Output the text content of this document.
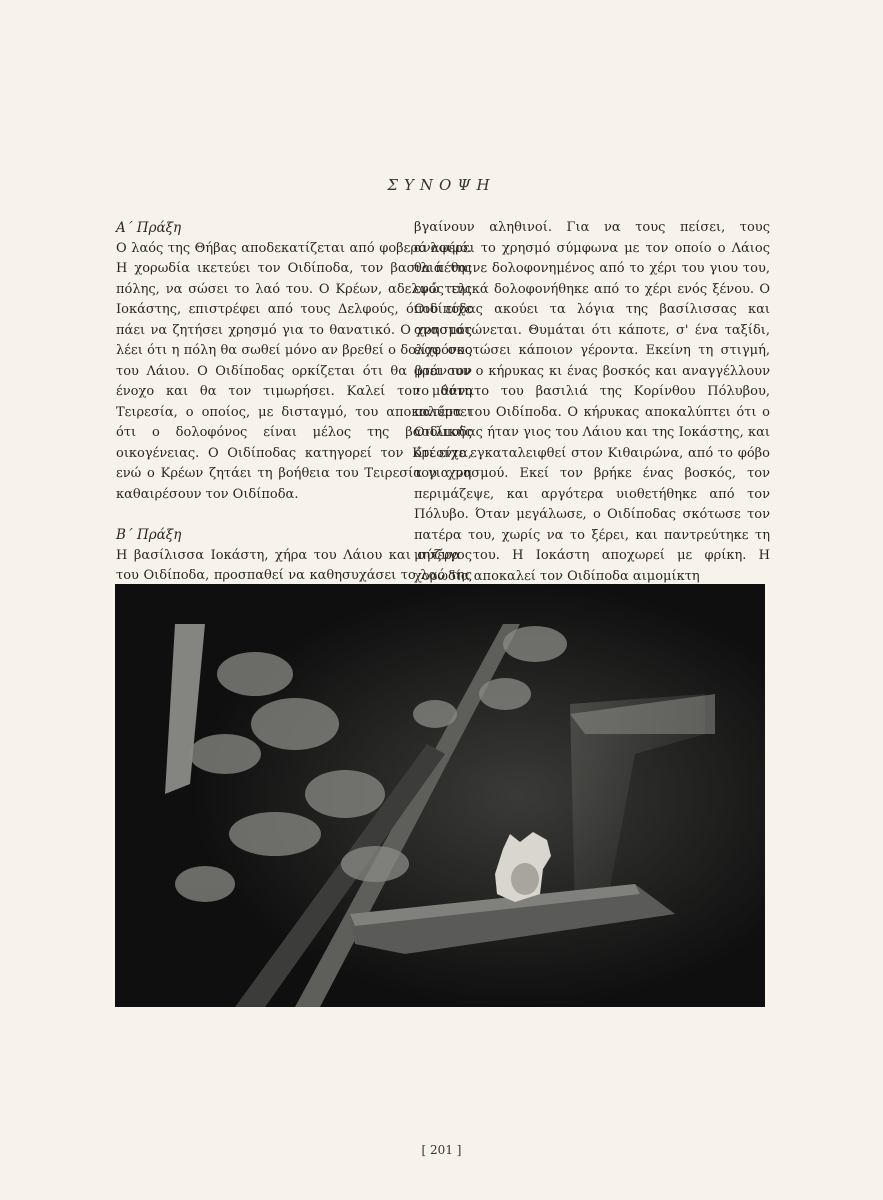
ΣΥΝΟΨΗ

Α΄ Πράξη

Ο λαός της Θήβας αποδεκατίζεται από φοβερό λοιμό. Η χορωδία ικετεύει τον Οιδίποδα, τον βασιλιά της πόλης, να σώσει το λαό του. Ο Κρέων, αδελφός της Ιοκάστης, επιστρέφει από τους Δελφούς, όπου είχε πάει να ζητήσει χρησμό για το θανατικό. Ο χρησμός λέει ότι η πόλη θα σωθεί μόνο αν βρεθεί ο δολοφόνος του Λάιου. Ο Οιδίποδας ορκίζεται ότι θα βρει τον ένοχο και θα τον τιμωρήσει. Καλεί τον μάντη Τειρεσία, ο οποίος, με δισταγμό, του αποκαλύπτει ότι ο δολοφόνος είναι μέλος της βασιλικής οικογένειας. Ο Οιδίποδας κατηγορεί τον Κρέοντα, ενώ ο Κρέων ζητάει τη βοήθεια του Τειρεσία για να καθαιρέσουν τον Οιδίποδα.

Β΄ Πράξη

Η βασίλισσα Ιοκάστη, χήρα του Λάιου και σύζυγος του Οιδίποδα, προσπαθεί να καθησυχάσει το λαό της

βγαίνουν αληθινοί. Για να τους πείσει, τους αναφέρει το χρησμό σύμφωνα με τον οποίο ο Λάιος θα πέθαινε δολοφονημένος από το χέρι του γιου του, ενώ τελικά δολοφονήθηκε από το χέρι ενός ξένου. Ο Οιδίποδας ακούει τα λόγια της βασίλισσας και αναστατώνεται. Θυμάται ότι κάποτε, σ' ένα ταξίδι, είχε σκοτώσει κάποιον γέροντα. Εκείνη τη στιγμή, φτάνουν ο κήρυκας κι ένας βοσκός και αναγγέλλουν το θάνατο του βασιλιά της Κορίνθου Πόλυβου, πατέρα του Οιδίποδα. Ο κήρυκας αποκαλύπτει ότι ο Οιδίποδας ήταν γιος του Λάιου και της Ιοκάστης, και ότι είχε εγκαταλειφθεί στον Κιθαιρώνα, από το φόβο του χρησμού. Εκεί τον βρήκε ένας βοσκός, τον περιμάζεψε, και αργότερα υιοθετήθηκε από τον Πόλυβο. Όταν μεγάλωσε, ο Οιδίποδας σκότωσε τον πατέρα του, χωρίς να το ξέρει, και παντρεύτηκε τη μητέρα του. Η Ιοκάστη αποχωρεί με φρίκη. Η χορωδία αποκαλεί τον Οιδίποδα αιμομίκτη

[ 201 ]
